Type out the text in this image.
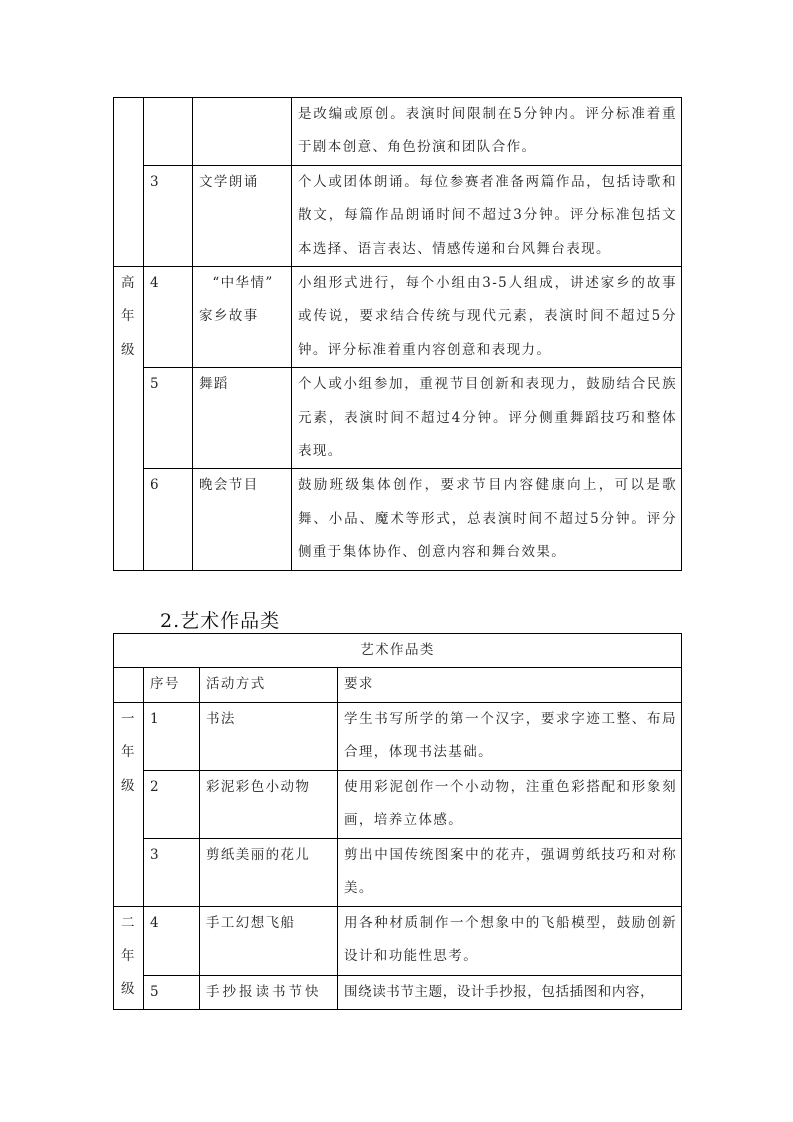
			是改编或原创。表演时间限制在5分钟内。评分标准着重于剧本创意、角色扮演和团队合作。

	3	文学朗诵	个人或团体朗诵。每位参赛者准备两篇作品，包括诗歌和散文，每篇作品朗诵时间不超过3分钟。评分标准包括文本选择、语言表达、情感传递和台风舞台表现。

高
年
级	4	“中华情”
家乡故事	小组形式进行，每个小组由3-5人组成，讲述家乡的故事或传说，要求结合传统与现代元素，表演时间不超过5分钟。评分标准着重内容创意和表现力。

	5	舞蹈	个人或小组参加，重视节目创新和表现力，鼓励结合民族元素，表演时间不超过4分钟。评分侧重舞蹈技巧和整体表现。

	6	晚会节目	鼓励班级集体创作，要求节目内容健康向上，可以是歌舞、小品、魔术等形式，总表演时间不超过5分钟。评分侧重于集体协作、创意内容和舞台效果。
2.艺术作品类
艺术作品类			

	序号	活动方式	要求

一
年
级	1	书法	学生书写所学的第一个汉字，要求字迹工整、布局合理，体现书法基础。

	2	彩泥彩色小动物	使用彩泥创作一个小动物，注重色彩搭配和形象刻画，培养立体感。

	3	剪纸美丽的花儿	剪出中国传统图案中的花卉，强调剪纸技巧和对称美。

二
年
级	4	手工幻想飞船	用各种材质制作一个想象中的飞船模型，鼓励创新设计和功能性思考。

	5	手抄报读书节快	围绕读书节主题，设计手抄报，包括插图和内容，
